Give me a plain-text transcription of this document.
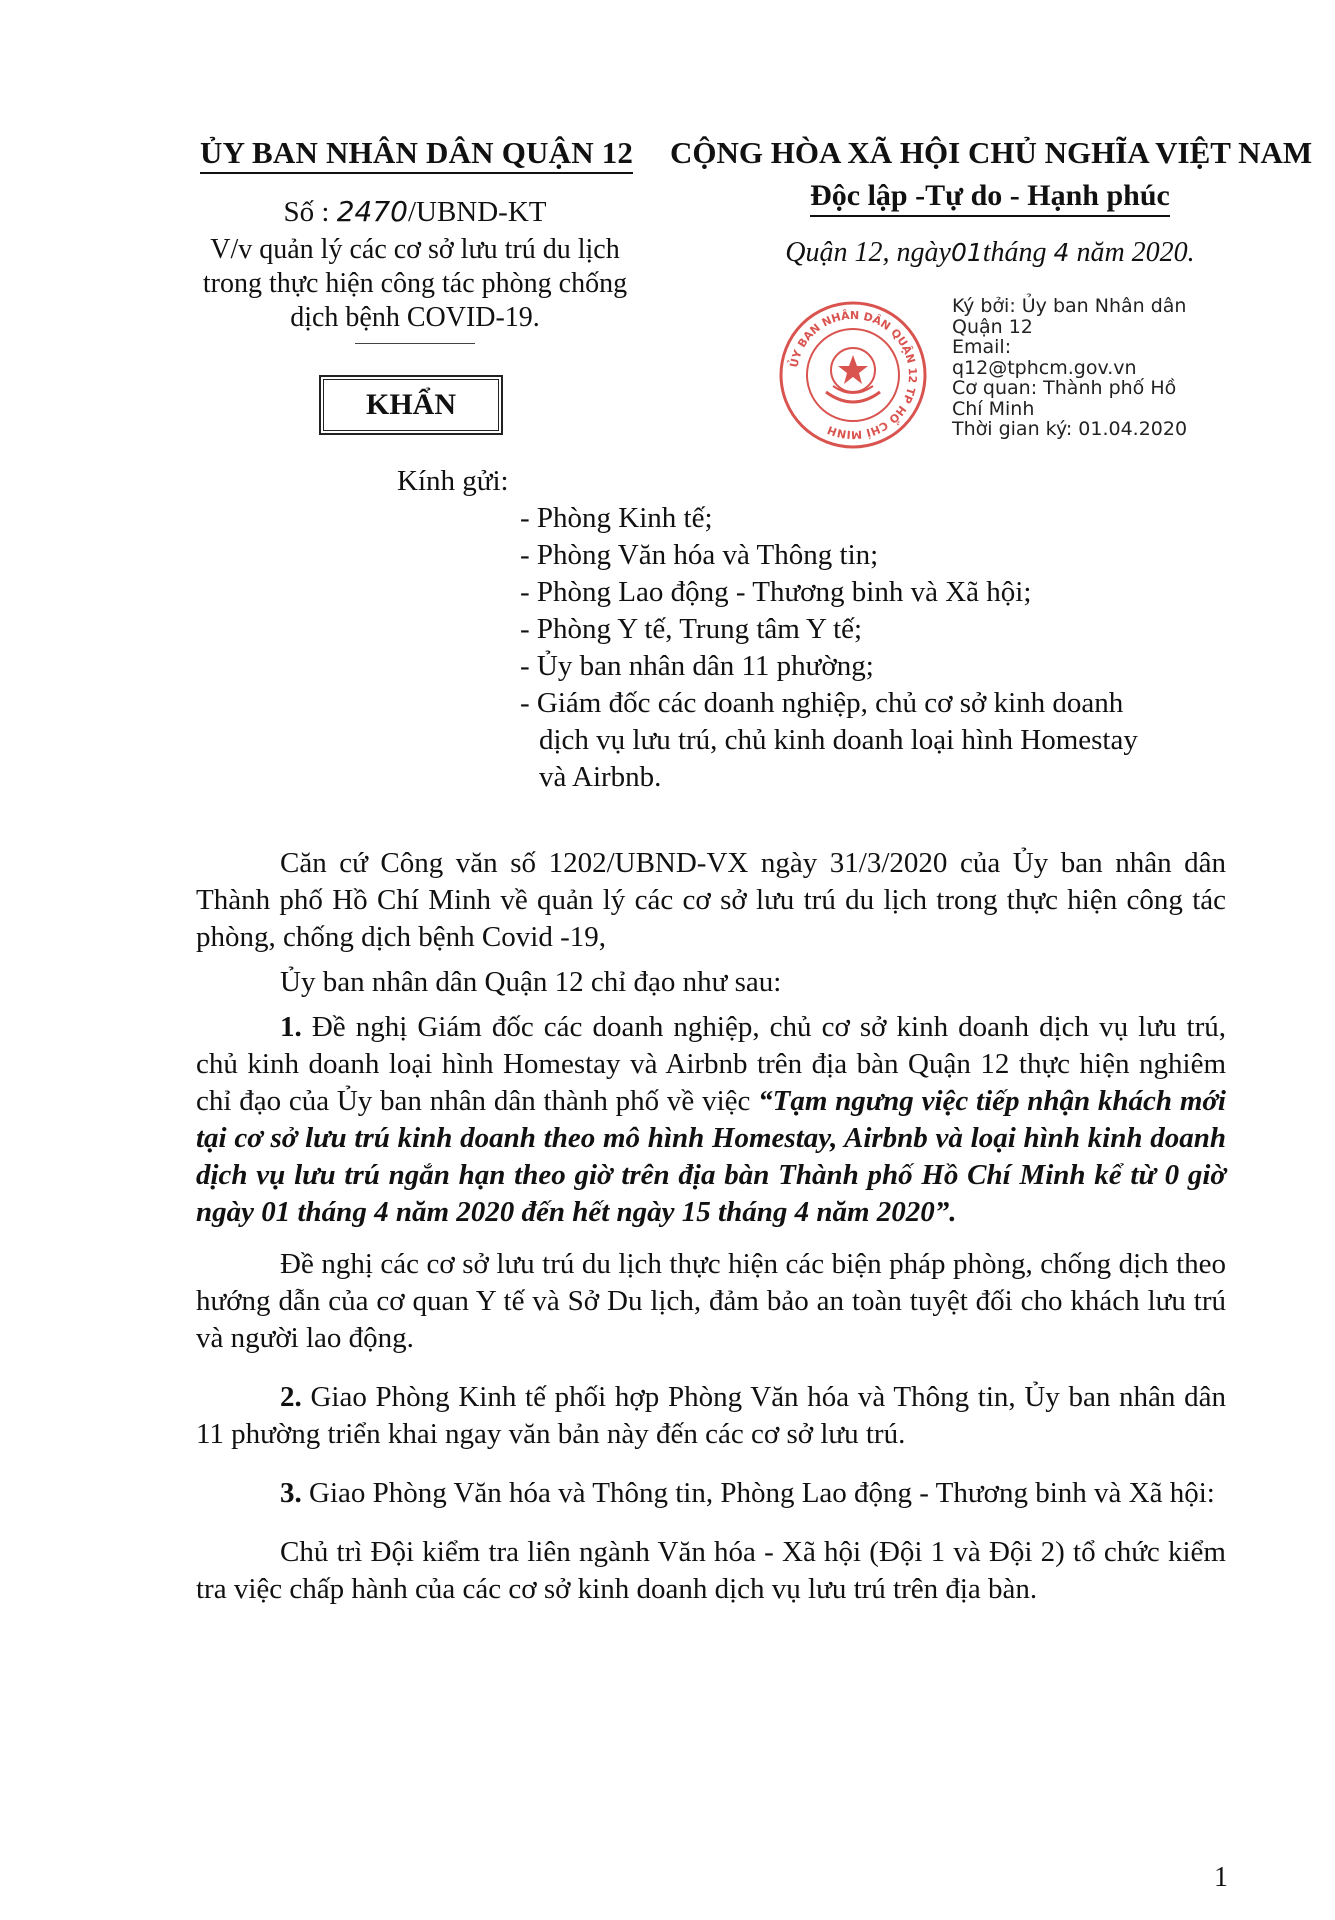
ỦY BAN NHÂN DÂN QUẬN 12
Số : 2470/UBND-KT
V/v quản lý các cơ sở lưu trú du lịch
trong thực hiện công tác phòng chống
dịch bệnh COVID-19.
KHẨN
CỘNG HÒA XÃ HỘI CHỦ NGHĨA VIỆT NAM
Độc lập -Tự do - Hạnh phúc
Quận 12, ngày01tháng 4 năm 2020.
ỦY BAN NHÂN DÂN QUẬN 12 TP HỒ CHÍ MINH
Ký bởi: Ủy ban Nhân dân
Quận 12
Email:
q12@tphcm.gov.vn
Cơ quan: Thành phố Hồ
Chí Minh
Thời gian ký: 01.04.2020
Kính gửi:
- Phòng Kinh tế;
- Phòng Văn hóa và Thông tin;
- Phòng Lao động - Thương binh và Xã hội;
- Phòng Y tế, Trung tâm Y tế;
- Ủy ban nhân dân 11 phường;
- Giám đốc các doanh nghiệp, chủ cơ sở kinh doanh
dịch vụ lưu trú, chủ kinh doanh loại hình Homestay
và Airbnb.

Căn cứ Công văn số 1202/UBND-VX ngày 31/3/2020 của Ủy ban nhân dân Thành phố Hồ Chí Minh về quản lý các cơ sở lưu trú du lịch trong thực hiện công tác phòng, chống dịch bệnh Covid -19,

Ủy ban nhân dân Quận 12 chỉ đạo như sau:

1. Đề nghị Giám đốc các doanh nghiệp, chủ cơ sở kinh doanh dịch vụ lưu trú, chủ kinh doanh loại hình Homestay và Airbnb trên địa bàn Quận 12 thực hiện nghiêm chỉ đạo của Ủy ban nhân dân thành phố về việc “Tạm ngưng việc tiếp nhận khách mới tại cơ sở lưu trú kinh doanh theo mô hình Homestay, Airbnb và loại hình kinh doanh dịch vụ lưu trú ngắn hạn theo giờ trên địa bàn Thành phố Hồ Chí Minh kể từ 0 giờ ngày 01 tháng 4 năm 2020 đến hết ngày 15 tháng 4 năm 2020”.

Đề nghị các cơ sở lưu trú du lịch thực hiện các biện pháp phòng, chống dịch theo hướng dẫn của cơ quan Y tế và Sở Du lịch, đảm bảo an toàn tuyệt đối cho khách lưu trú và người lao động.

2. Giao Phòng Kinh tế phối hợp Phòng Văn hóa và Thông tin, Ủy ban nhân dân 11 phường triển khai ngay văn bản này đến các cơ sở lưu trú.

3. Giao Phòng Văn hóa và Thông tin, Phòng Lao động - Thương binh và Xã hội:

Chủ trì Đội kiểm tra liên ngành Văn hóa - Xã hội (Đội 1 và Đội 2) tổ chức kiểm tra việc chấp hành của các cơ sở kinh doanh dịch vụ lưu trú trên địa bàn.

1
